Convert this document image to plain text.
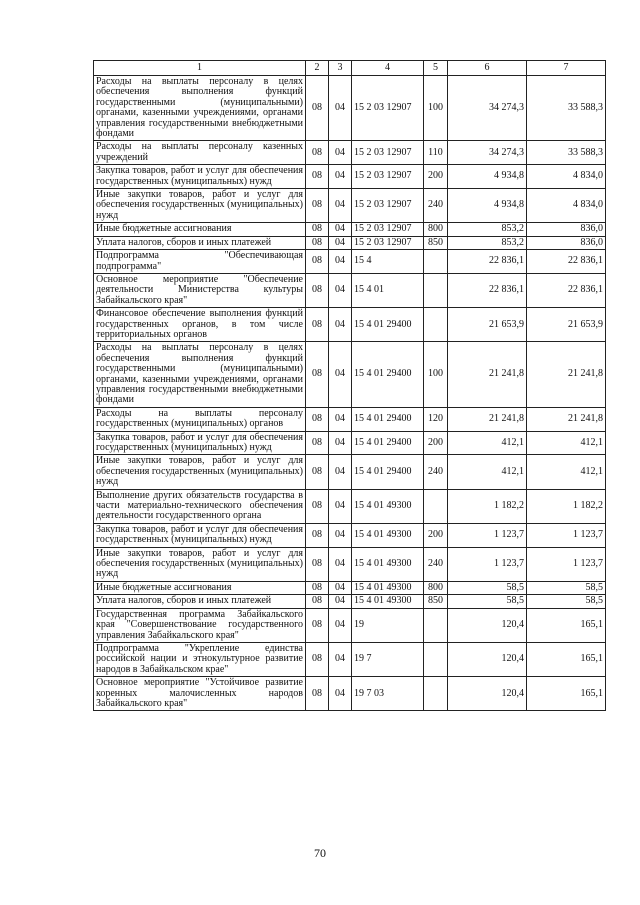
1	2	3	4	5	6	7
Расходы на выплаты персоналу в целях обеспечения выполнения функций государственными (муниципальными) органами, казенными учреждениями, органами управления государственными внебюджетными фондами	08	04	15 2 03 12907	100	34 274,3	33 588,3
Расходы на выплаты персоналу казенных учреждений	08	04	15 2 03 12907	110	34 274,3	33 588,3
Закупка товаров, работ и услуг для обеспечения государственных (муниципальных) нужд	08	04	15 2 03 12907	200	4 934,8	4 834,0
Иные закупки товаров, работ и услуг для обеспечения государственных (муниципальных) нужд	08	04	15 2 03 12907	240	4 934,8	4 834,0
Иные бюджетные ассигнования	08	04	15 2 03 12907	800	853,2	836,0
Уплата налогов, сборов и иных платежей	08	04	15 2 03 12907	850	853,2	836,0
Подпрограмма "Обеспечивающая подпрограмма"	08	04	15 4		22 836,1	22 836,1
Основное мероприятие "Обеспечение деятельности Министерства культуры Забайкальского края"	08	04	15 4 01		22 836,1	22 836,1
Финансовое обеспечение выполнения функций государственных органов, в том числе территориальных органов	08	04	15 4 01 29400		21 653,9	21 653,9
Расходы на выплаты персоналу в целях обеспечения выполнения функций государственными (муниципальными) органами, казенными учреждениями, органами управления государственными внебюджетными фондами	08	04	15 4 01 29400	100	21 241,8	21 241,8
Расходы на выплаты персоналу государственных (муниципальных) органов	08	04	15 4 01 29400	120	21 241,8	21 241,8
Закупка товаров, работ и услуг для обеспечения государственных (муниципальных) нужд	08	04	15 4 01 29400	200	412,1	412,1
Иные закупки товаров, работ и услуг для обеспечения государственных (муниципальных) нужд	08	04	15 4 01 29400	240	412,1	412,1
Выполнение других обязательств государства в части материально-технического обеспечения деятельности государственного органа	08	04	15 4 01 49300		1 182,2	1 182,2
Закупка товаров, работ и услуг для обеспечения государственных (муниципальных) нужд	08	04	15 4 01 49300	200	1 123,7	1 123,7
Иные закупки товаров, работ и услуг для обеспечения государственных (муниципальных) нужд	08	04	15 4 01 49300	240	1 123,7	1 123,7
Иные бюджетные ассигнования	08	04	15 4 01 49300	800	58,5	58,5
Уплата налогов, сборов и иных платежей	08	04	15 4 01 49300	850	58,5	58,5
Государственная программа Забайкальского края "Совершенствование государственного управления Забайкальского края"	08	04	19		120,4	165,1
Подпрограмма "Укрепление единства российской нации и этнокультурное развитие народов в Забайкальском крае"	08	04	19 7		120,4	165,1
Основное мероприятие "Устойчивое развитие коренных малочисленных народов Забайкальского края"	08	04	19 7 03		120,4	165,1
70
